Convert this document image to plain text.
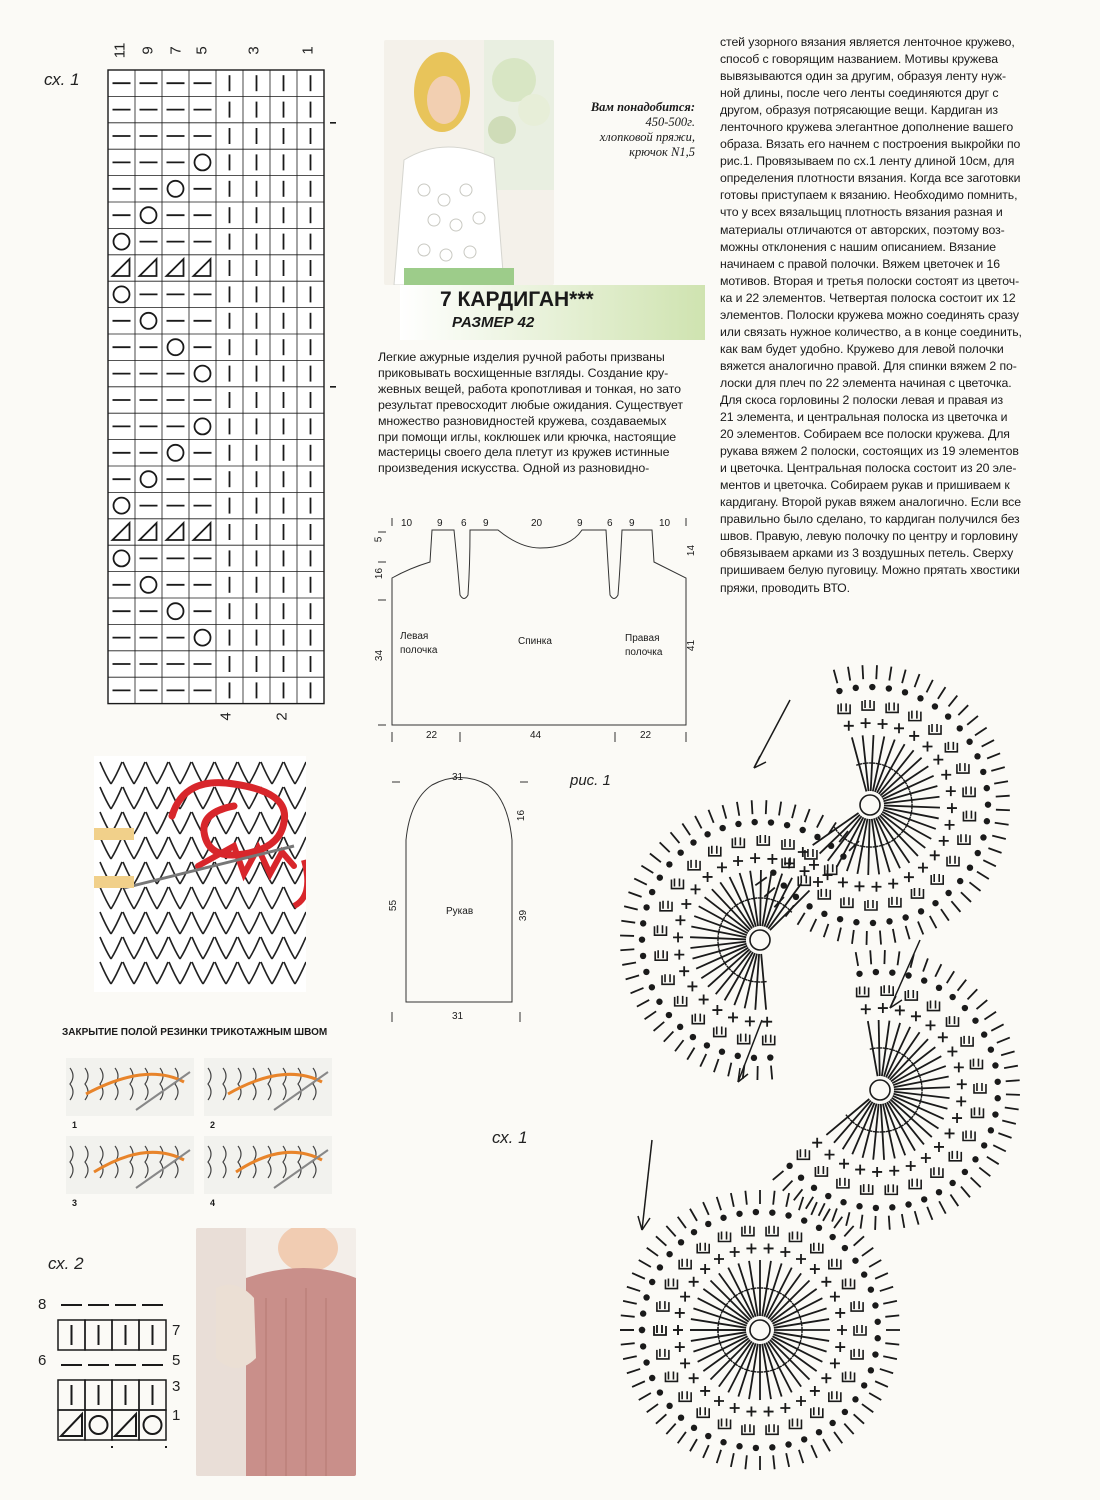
сх. 1
11 9 7 5 3 1
4	2
Вам понадобится:
450-500г.
хлопковой пряжи,
крючок N1,5
7 КАРДИГАН***
РАЗМЕР 42
Легкие ажурные изделия ручной работы призваны
приковывать восхищенные взгляды. Создание кру-
жевных вещей, работа кропотливая и тонкая, но зато
результат превосходит любые ожидания. Существует
множество разновидностей кружева, создаваемых
при помощи иглы, коклюшек или крючка, настоящие
мастерицы своего дела плетут из кружев истинные
произведения искусства. Одной из разновидно-
стей узорного вязания является ленточное кружево,
способ с говорящим названием. Мотивы кружева
вывязываются один за другим, образуя ленту нуж-
ной длины, после чего ленты соединяются друг с
другом, образуя потрясающие вещи. Кардиган из
ленточного кружева элегантное дополнение вашего
образа. Вязать его начнем с построения выкройки по
рис.1. Провязываем по сх.1 ленту длиной 10см, для
определения плотности вязания. Когда все заготовки
готовы приступаем к вязанию. Необходимо помнить,
что у всех вязальщиц плотность вязания разная и
материалы отличаются от авторских, поэтому воз-
можны отклонения с нашим описанием. Вязание
начинаем с правой полочки. Вяжем цветочек и 16
мотивов. Вторая и третья полоски состоят из цветоч-
ка и 22 элементов. Четвертая полоска состоит их 12
элементов. Полоски кружева можно соединять сразу
или связать нужное количество, а в конце соединить,
как вам будет удобно. Кружево для левой полочки
вяжется аналогично правой. Для спинки вяжем 2 по-
лоски для плеч по 22 элемента начиная с цветочка.
Для скоса горловины 2 полоски левая и правая из
21 элемента, и центральная полоска из цветочка и
20 элементов. Собираем все полоски кружева. Для
рукава вяжем 2 полоски, состоящих из 19 элементов
и цветочка. Центральная полоска состоит из 20 эле-
ментов и цветочка. Собираем рукав и пришиваем к
кардигану. Второй рукав вяжем аналогично. Если все
правильно было сделано, то кардиган получился без
швов. Правую, левую полочку по центру и горловину
обвязываем арками из 3 воздушных петель. Сверху
пришиваем белую пуговицу. Можно прятать хвостики
пряжи, проводить ВТО.
10 9 6 9	20	9 6 9 10
5
16
34
14
41
22	44	22
Левая
полочка
Спинка	Правая
полочка
31
16
55
39
Рукав
31
рис. 1
ЗАКРЫТИЕ ПОЛОЙ РЕЗИНКИ ТРИКОТАЖНЫМ ШВОМ
1	2
3	4
сх. 2
8
6
7
5
3
1
сх. 1
